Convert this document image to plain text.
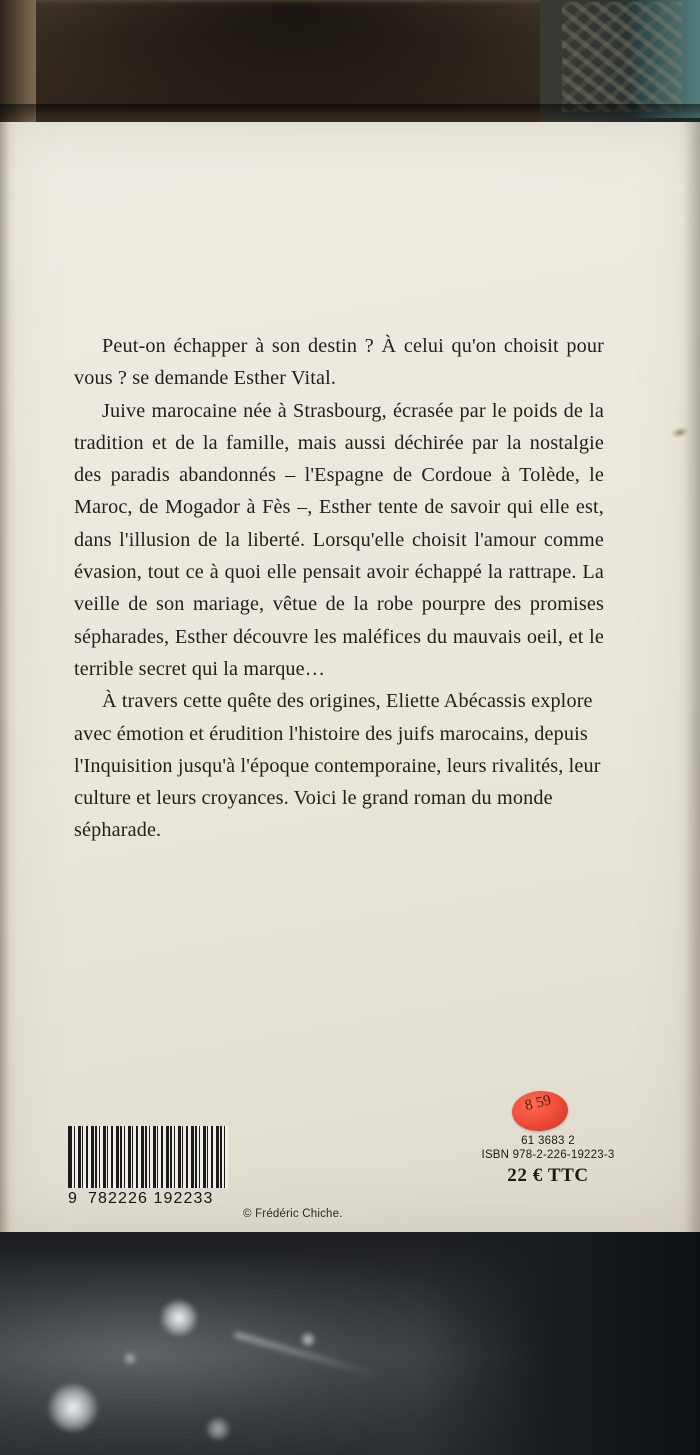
Peut-on échapper à son destin ? À celui qu'on choisit pour vous ? se demande Esther Vital.

Juive marocaine née à Strasbourg, écrasée par le poids de la tradition et de la famille, mais aussi déchirée par la nostalgie des paradis abandonnés – l'Espagne de Cordoue à Tolède, le Maroc, de Mogador à Fès –, Esther tente de savoir qui elle est, dans l'illusion de la liberté. Lorsqu'elle choisit l'amour comme évasion, tout ce à quoi elle pensait avoir échappé la rattrape. La veille de son mariage, vêtue de la robe pourpre des promises sépharades, Esther découvre les maléfices du mauvais oeil, et le terrible secret qui la marque…

À travers cette quête des origines, Eliette Abécassis explore avec émotion et érudition l'histoire des juifs marocains, depuis l'Inquisition jusqu'à l'époque contemporaine, leurs rivalités, leur culture et leurs croyances. Voici le grand roman du monde sépharade.

9 782226 192233
© Frédéric Chiche.
61 3683 2
ISBN 978-2-226-19223-3
22 € TTC
8 59
